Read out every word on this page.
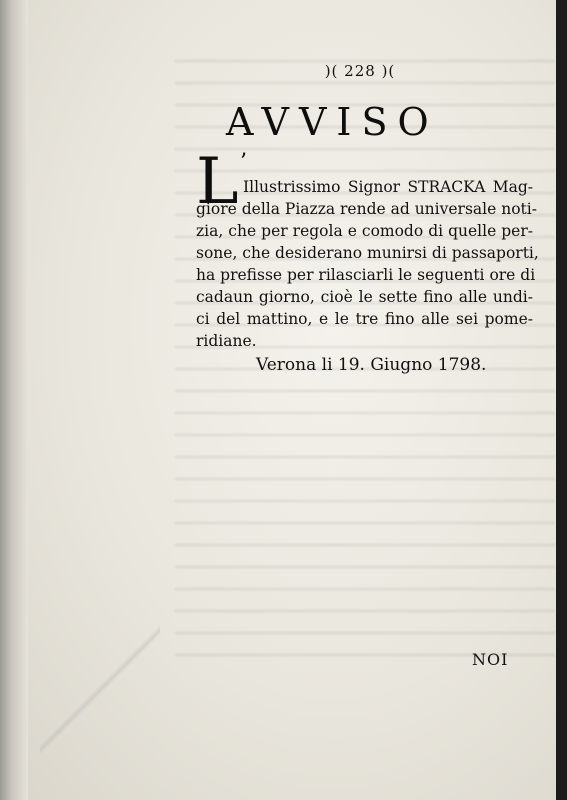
)( 228 )(
AVVISO
L ’
Illustrissimo Signor STRACKA Mag-
giore della Piazza rende ad universale noti-
zia, che per regola e comodo di quelle per-
sone, che desiderano munirsi di passaporti,
ha prefisse per rilasciarli le seguenti ore di
cadaun giorno, cioè le sette fino alle undi-
ci del mattino, e le tre fino alle sei pome-
ridiane.
Verona li 19. Giugno 1798.
NOI
